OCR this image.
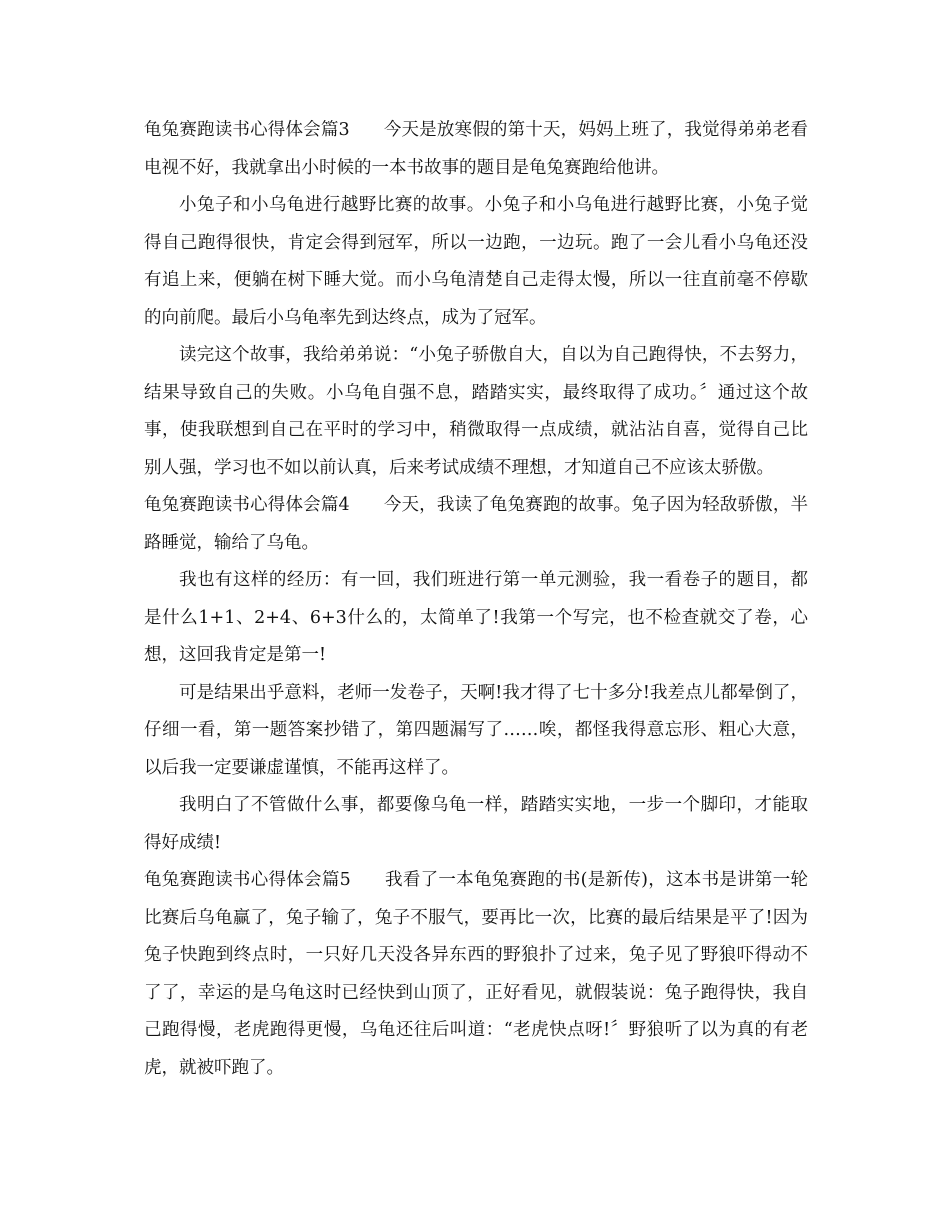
龟兔赛跑读书心得体会篇3 今天是放寒假的第十天，妈妈上班了，我觉得弟弟老看电视不好，我就拿出小时候的一本书故事的题目是龟兔赛跑给他讲。

小兔子和小乌龟进行越野比赛的故事。小兔子和小乌龟进行越野比赛，小兔子觉得自己跑得很快，肯定会得到冠军，所以一边跑，一边玩。跑了一会儿看小乌龟还没有追上来，便躺在树下睡大觉。而小乌龟清楚自己走得太慢，所以一往直前毫不停歇的向前爬。最后小乌龟率先到达终点，成为了冠军。

读完这个故事，我给弟弟说：“小兔子骄傲自大，自以为自己跑得快，不去努力，结果导致自己的失败。小乌龟自强不息，踏踏实实，最终取得了成功。〞通过这个故事，使我联想到自己在平时的学习中，稍微取得一点成绩，就沾沾自喜，觉得自己比别人强，学习也不如以前认真，后来考试成绩不理想，才知道自己不应该太骄傲。

龟兔赛跑读书心得体会篇4 今天，我读了龟兔赛跑的故事。兔子因为轻敌骄傲，半路睡觉，输给了乌龟。

我也有这样的经历：有一回，我们班进行第一单元测验，我一看卷子的题目，都是什么1+1、2+4、6+3什么的，太简单了!我第一个写完，也不检查就交了卷，心想，这回我肯定是第一!

可是结果出乎意料，老师一发卷子，天啊!我才得了七十多分!我差点儿都晕倒了，仔细一看，第一题答案抄错了，第四题漏写了……唉，都怪我得意忘形、粗心大意，以后我一定要谦虚谨慎，不能再这样了。

我明白了不管做什么事，都要像乌龟一样，踏踏实实地，一步一个脚印，才能取得好成绩!

龟兔赛跑读书心得体会篇5 我看了一本龟兔赛跑的书(是新传)，这本书是讲第一轮比赛后乌龟赢了，兔子输了，兔子不服气，要再比一次，比赛的最后结果是平了!因为兔子快跑到终点时，一只好几天没各异东西的野狼扑了过来，兔子见了野狼吓得动不了了，幸运的是乌龟这时已经快到山顶了，正好看见，就假装说：兔子跑得快，我自己跑得慢，老虎跑得更慢，乌龟还往后叫道：“老虎快点呀!〞野狼听了以为真的有老虎，就被吓跑了。
